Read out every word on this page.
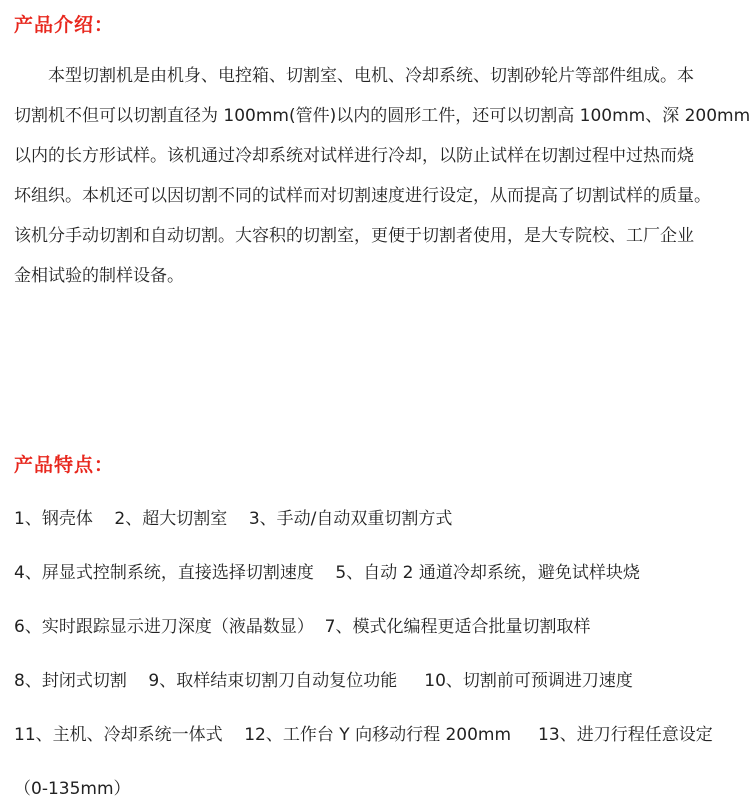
产品介绍：
本型切割机是由机身、电控箱、切割室、电机、冷却系统、切割砂轮片等部件组成。本
切割机不但可以切割直径为 100mm(管件)以内的圆形工件，还可以切割高 100mm、深 200mm
以内的长方形试样。该机通过冷却系统对试样进行冷却，以防止试样在切割过程中过热而烧
坏组织。本机还可以因切割不同的试样而对切割速度进行设定，从而提高了切割试样的质量。
该机分手动切割和自动切割。大容积的切割室，更便于切割者使用，是大专院校、工厂企业
金相试验的制样设备。
产品特点：
1、钢壳体    2、超大切割室    3、手动/自动双重切割方式
4、屏显式控制系统，直接选择切割速度    5、自动 2 通道冷却系统，避免试样块烧
6、实时跟踪显示进刀深度（液晶数显）  7、模式化编程更适合批量切割取样
8、封闭式切割    9、取样结束切割刀自动复位功能     10、切割前可预调进刀速度
11、主机、冷却系统一体式    12、工作台 Y 向移动行程 200mm     13、进刀行程任意设定
（0-135mm）
